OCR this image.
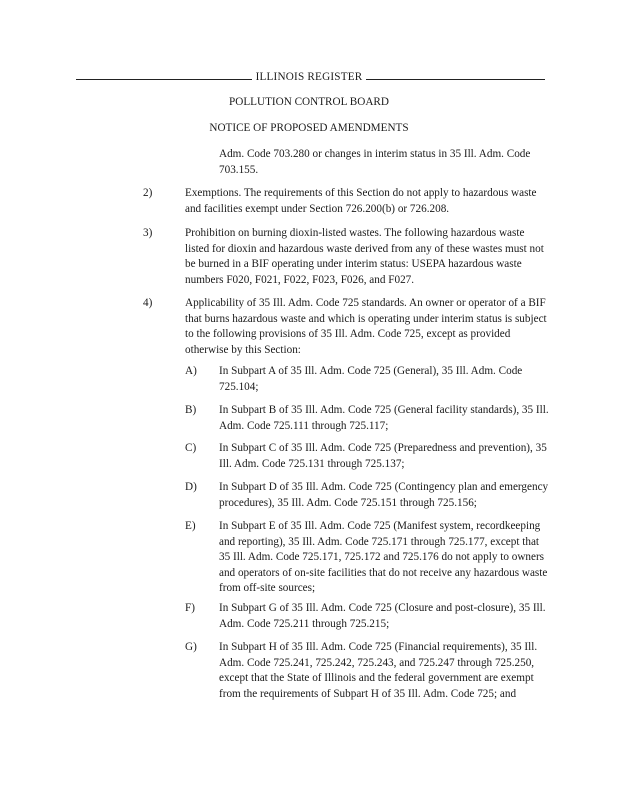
ILLINOIS REGISTER
POLLUTION CONTROL BOARD
NOTICE OF PROPOSED AMENDMENTS
Adm. Code 703.280 or changes in interim status in 35 Ill. Adm. Code 703.155.
2)	Exemptions. The requirements of this Section do not apply to hazardous waste and facilities exempt under Section 726.200(b) or 726.208.
3)	Prohibition on burning dioxin-listed wastes. The following hazardous waste listed for dioxin and hazardous waste derived from any of these wastes must not be burned in a BIF operating under interim status: USEPA hazardous waste numbers F020, F021, F022, F023, F026, and F027.
4)	Applicability of 35 Ill. Adm. Code 725 standards. An owner or operator of a BIF that burns hazardous waste and which is operating under interim status is subject to the following provisions of 35 Ill. Adm. Code 725, except as provided otherwise by this Section:
A)	In Subpart A of 35 Ill. Adm. Code 725 (General), 35 Ill. Adm. Code 725.104;
B)	In Subpart B of 35 Ill. Adm. Code 725 (General facility standards), 35 Ill. Adm. Code 725.111 through 725.117;
C)	In Subpart C of 35 Ill. Adm. Code 725 (Preparedness and prevention), 35 Ill. Adm. Code 725.131 through 725.137;
D)	In Subpart D of 35 Ill. Adm. Code 725 (Contingency plan and emergency procedures), 35 Ill. Adm. Code 725.151 through 725.156;
E)	In Subpart E of 35 Ill. Adm. Code 725 (Manifest system, recordkeeping and reporting), 35 Ill. Adm. Code 725.171 through 725.177, except that 35 Ill. Adm. Code 725.171, 725.172 and 725.176 do not apply to owners and operators of on-site facilities that do not receive any hazardous waste from off-site sources;
F)	In Subpart G of 35 Ill. Adm. Code 725 (Closure and post-closure), 35 Ill. Adm. Code 725.211 through 725.215;
G)	In Subpart H of 35 Ill. Adm. Code 725 (Financial requirements), 35 Ill. Adm. Code 725.241, 725.242, 725.243, and 725.247 through 725.250, except that the State of Illinois and the federal government are exempt from the requirements of Subpart H of 35 Ill. Adm. Code 725; and
